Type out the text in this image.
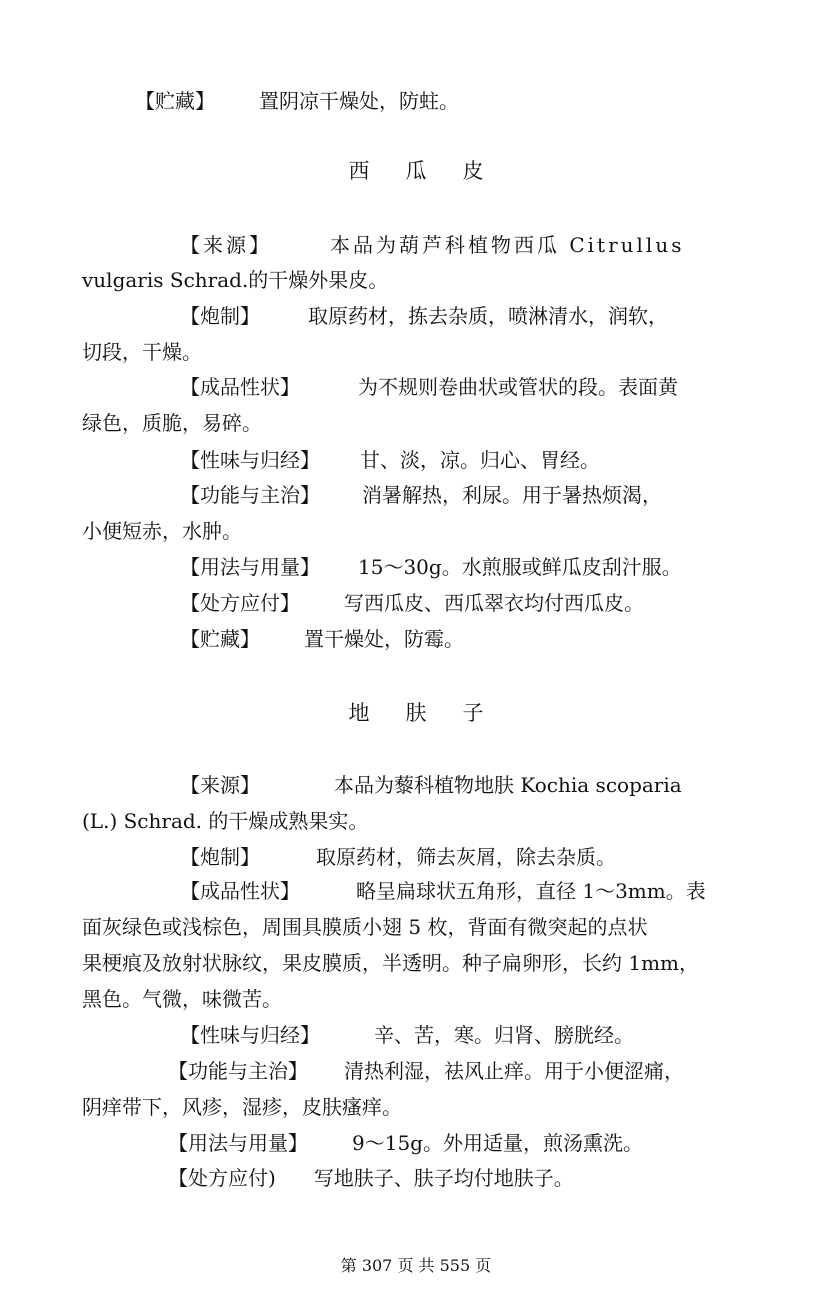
【贮藏】 置阴凉干燥处，防蛀。
西 瓜 皮
【来源】	本品为葫芦科植物西瓜 Citrullus
vulgaris Schrad.的干燥外果皮。
【炮制】 取原药材，拣去杂质，喷淋清水，润软，
切段，干燥。
【成品性状】	为不规则卷曲状或管状的段。表面黄
绿色，质脆，易碎。
【性味与归经】 甘、淡，凉。归心、胃经。
【功能与主治】 消暑解热，利尿。用于暑热烦渴，
小便短赤，水肿。
【用法与用量】 15～30g。水煎服或鲜瓜皮刮汁服。
【处方应付】 写西瓜皮、西瓜翠衣均付西瓜皮。
【贮藏】 置干燥处，防霉。
地 肤 子
【来源】	本品为藜科植物地肤 Kochia scoparia
(L.) Schrad. 的干燥成熟果实。
【炮制】	取原药材，筛去灰屑，除去杂质。
【成品性状】	略呈扁球状五角形，直径 1～3mm。表
面灰绿色或浅棕色，周围具膜质小翅 5 枚，背面有微突起的点状
果梗痕及放射状脉纹，果皮膜质，半透明。种子扁卵形，长约 1mm，
黑色。气微，味微苦。
【性味与归经】	辛、苦，寒。归肾、膀胱经。
【功能与主治】 清热利湿，祛风止痒。用于小便涩痛，
阴痒带下，风疹，湿疹，皮肤瘙痒。
【用法与用量】 9～15g。外用适量，煎汤熏洗。
【处方应付) 写地肤子、肤子均付地肤子。
第 307 页 共 555 页
